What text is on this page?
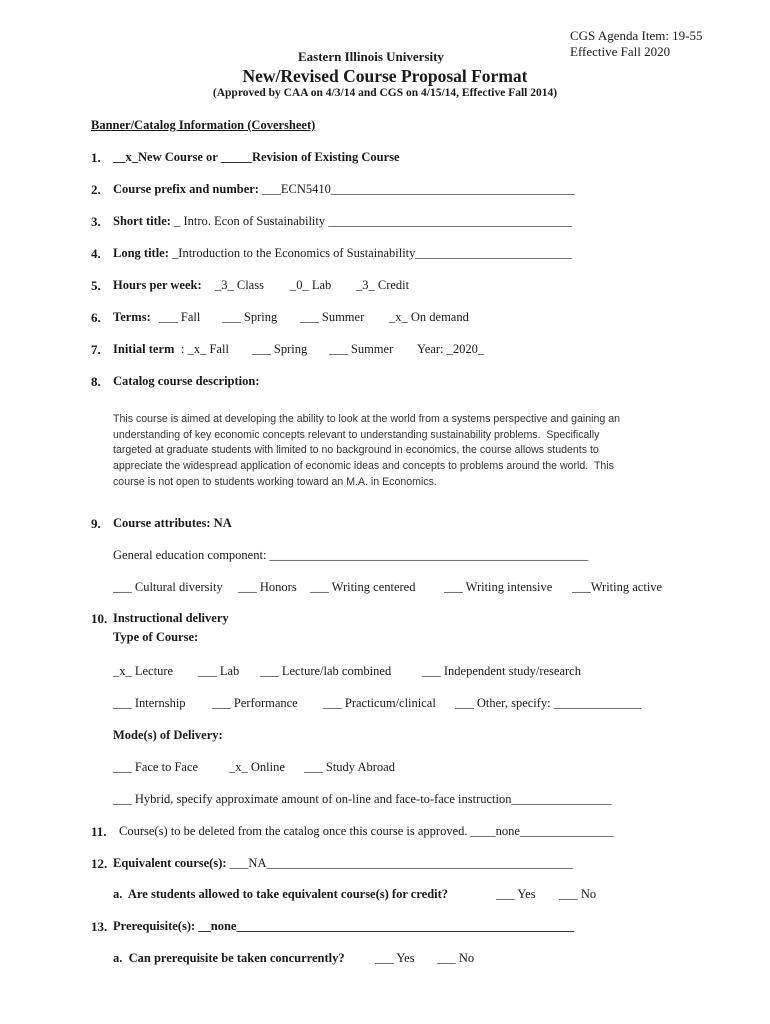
CGS Agenda Item: 19-55
Effective Fall 2020
Eastern Illinois University
New/Revised Course Proposal Format
(Approved by CAA on 4/3/14 and CGS on 4/15/14, Effective Fall 2014)
Banner/Catalog Information (Coversheet)
1. __x_New Course or _____Revision of Existing Course
2. Course prefix and number: ___ECN5410_______________________________________
3. Short title: _ Intro. Econ of Sustainability _______________________________________
4. Long title: _Introduction to the Economics of Sustainability_________________________
5. Hours per week: _3_ Class _0_ Lab _3_ Credit
6. Terms: ___ Fall ___ Spring ___ Summer _x_ On demand
7. Initial term : _x_ Fall ___ Spring ___ Summer Year: _2020_
8. Catalog course description:
This course is aimed at developing the ability to look at the world from a systems perspective and gaining an
understanding of key economic concepts relevant to understanding sustainability problems.  Specifically
targeted at graduate students with limited to no background in economics, the course allows students to
appreciate the widespread application of economic ideas and concepts to problems around the world.  This
course is not open to students working toward an M.A. in Economics.
9. Course attributes: NA
General education component: ___________________________________________________
___ Cultural diversity ___ Honors ___ Writing centered ___ Writing intensive ___Writing active
10. Instructional delivery
Type of Course:
_x_ Lecture ___ Lab ___ Lecture/lab combined ___ Independent study/research
___ Internship ___ Performance ___ Practicum/clinical ___ Other, specify: ______________
Mode(s) of Delivery:
___ Face to Face _x_ Online ___ Study Abroad
___ Hybrid, specify approximate amount of on-line and face-to-face instruction________________
11. Course(s) to be deleted from the catalog once this course is approved. ____none_______________
12. Equivalent course(s): ___NA_________________________________________________
a.  Are students allowed to take equivalent course(s) for credit?	___ Yes ___ No
13. Prerequisite(s): __none______________________________________________________
a.  Can prerequisite be taken concurrently? ___ Yes ___ No
